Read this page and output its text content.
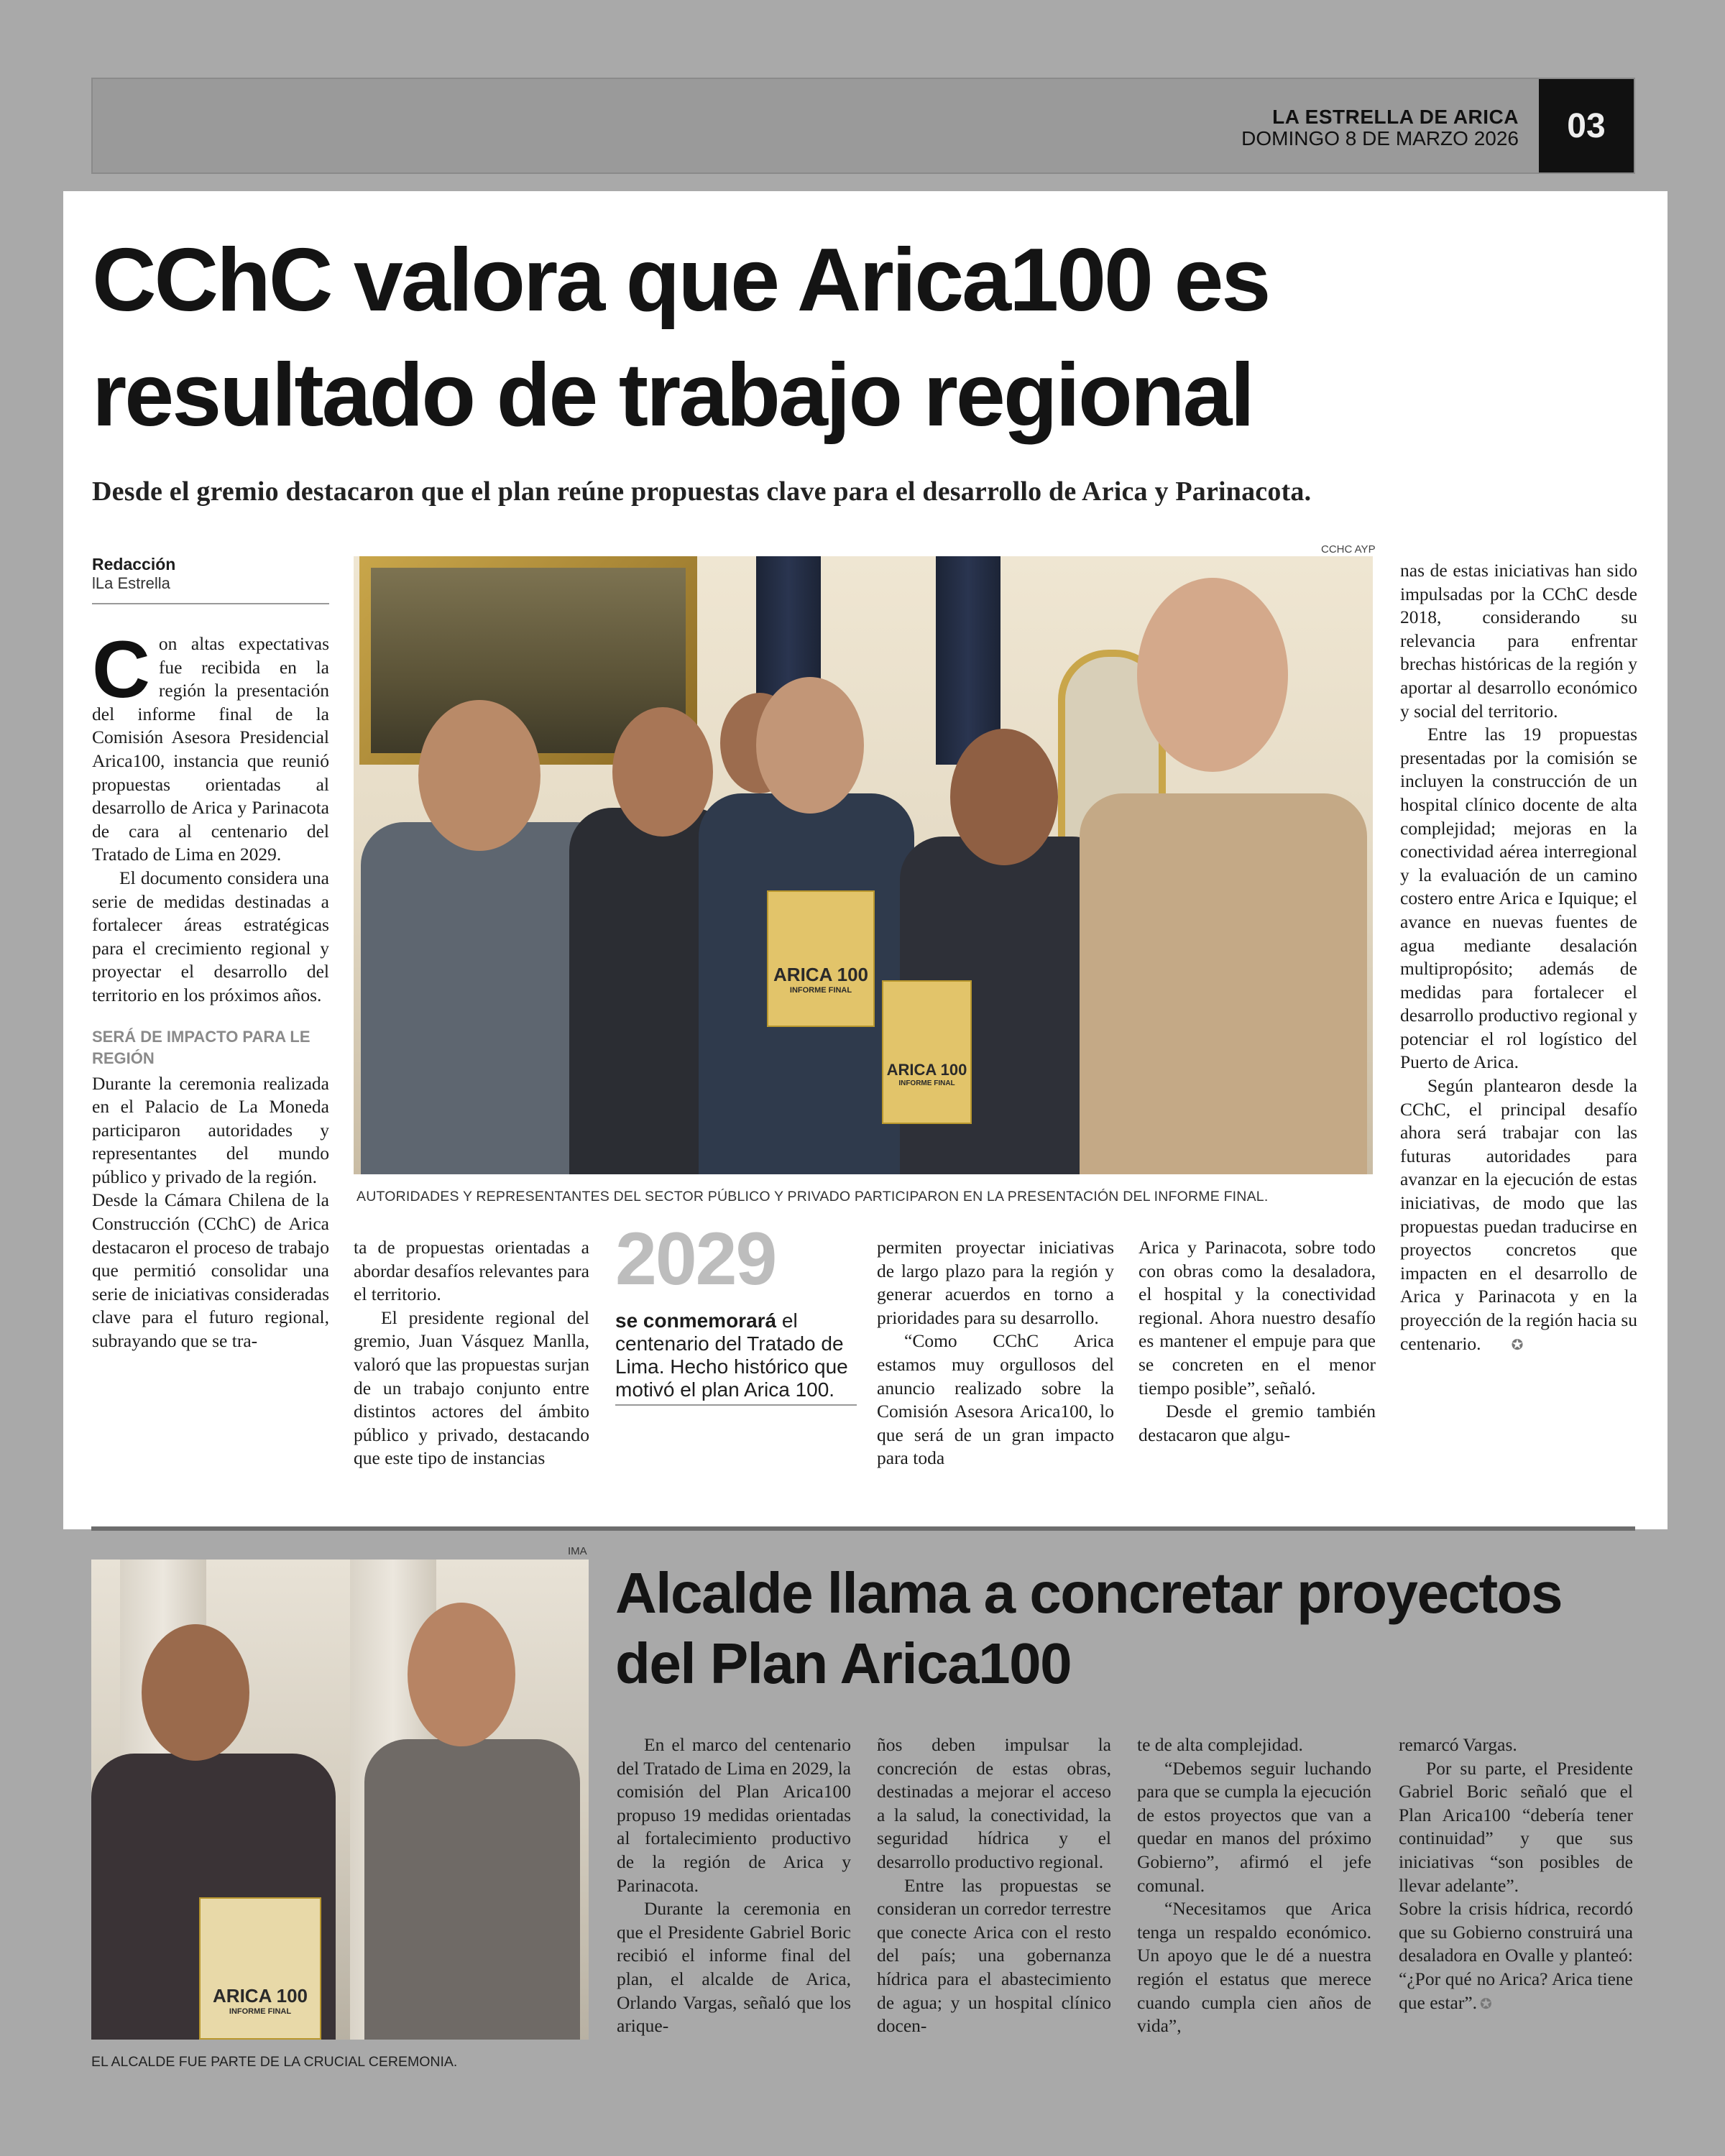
LA ESTRELLA DE ARICA
DOMINGO 8 DE MARZO 2026	03
CChC valora que Arica100 es resultado de trabajo regional
Desde el gremio destacaron que el plan reúne propuestas clave para el desarrollo de Arica y Parinacota.
Redacción
lLa Estrella

Con altas expectativas fue recibida en la región la presentación del informe final de la Comisión Asesora Presidencial Arica100, instancia que reunió propuestas orientadas al desarrollo de Arica y Parinacota de cara al centenario del Tratado de Lima en 2029.

El documento considera una serie de medidas destinadas a fortalecer áreas estratégicas para el crecimiento regional y proyectar el desarrollo del territorio en los próximos años.

SERÁ DE IMPACTO PARA LE REGIÓN

Durante la ceremonia realizada en el Palacio de La Moneda participaron autoridades y representantes del mundo público y privado de la región.

Desde la Cámara Chilena de la Construcción (CChC) de Arica destacaron el proceso de trabajo que permitió consolidar una serie de iniciativas consideradas clave para el futuro regional, subrayando que se tra-

CCHC AYP
ARICA 100
INFORME FINAL
ARICA 100
INFORME FINAL
AUTORIDADES Y REPRESENTANTES DEL SECTOR PÚBLICO Y PRIVADO PARTICIPARON EN LA PRESENTACIÓN DEL INFORME FINAL.

ta de propuestas orientadas a abordar desafíos relevantes para el territorio.

El presidente regional del gremio, Juan Vásquez Manlla, valoró que las propuestas surjan de un trabajo conjunto entre distintos actores del ámbito público y privado, destacando que este tipo de instancias

2029
se conmemorará el centenario del Tratado de Lima. Hecho histórico que motivó el plan Arica 100.

permiten proyectar iniciativas de largo plazo para la región y generar acuerdos en torno a prioridades para su desarrollo.

“Como CChC Arica estamos muy orgullosos del anuncio realizado sobre la Comisión Asesora Arica100, lo que será de un gran impacto para toda

Arica y Parinacota, sobre todo con obras como la desaladora, el hospital y la conectividad regional. Ahora nuestro desafío es mantener el empuje para que se concreten en el menor tiempo posible”, señaló.

Desde el gremio también destacaron que algu-

nas de estas iniciativas han sido impulsadas por la CChC desde 2018, considerando su relevancia para enfrentar brechas históricas de la región y aportar al desarrollo económico y social del territorio.

Entre las 19 propuestas presentadas por la comisión se incluyen la construcción de un hospital clínico docente de alta complejidad; mejoras en la conectividad aérea interregional y la evaluación de un camino costero entre Arica e Iquique; el avance en nuevas fuentes de agua mediante desalación multipropósito; además de medidas para fortalecer el desarrollo productivo regional y potenciar el rol logístico del Puerto de Arica.

Según plantearon desde la CChC, el principal desafío ahora será trabajar con las futuras autoridades para avanzar en la ejecución de estas iniciativas, de modo que las propuestas puedan traducirse en proyectos concretos que impacten en el desarrollo de Arica y Parinacota y en la proyección de la región hacia su centenario. ✪

IMA
ARICA 100
INFORME FINAL
EL ALCALDE FUE PARTE DE LA CRUCIAL CEREMONIA.
Alcalde llama a concretar proyectos del Plan Arica100

En el marco del centenario del Tratado de Lima en 2029, la comisión del Plan Arica100 propuso 19 medidas orientadas al fortalecimiento productivo de la región de Arica y Parinacota.

Durante la ceremonia en que el Presidente Gabriel Boric recibió el informe final del plan, el alcalde de Arica, Orlando Vargas, señaló que los arique-

ños deben impulsar la concreción de estas obras, destinadas a mejorar el acceso a la salud, la conectividad, la seguridad hídrica y el desarrollo productivo regional.

Entre las propuestas se consideran un corredor terrestre que conecte Arica con el resto del país; una gobernanza hídrica para el abastecimiento de agua; y un hospital clínico docen-

te de alta complejidad.

“Debemos seguir luchando para que se cumpla la ejecución de estos proyectos que van a quedar en manos del próximo Gobierno”, afirmó el jefe comunal.

“Necesitamos que Arica tenga un respaldo económico. Un apoyo que le dé a nuestra región el estatus que merece cuando cumpla cien años de vida”,

remarcó Vargas.

Por su parte, el Presidente Gabriel Boric señaló que el Plan Arica100 “debería tener continuidad” y que sus iniciativas “son posibles de llevar adelante”.

Sobre la crisis hídrica, recordó que su Gobierno construirá una desaladora en Ovalle y planteó: “¿Por qué no Arica? Arica tiene que estar”. ✪
